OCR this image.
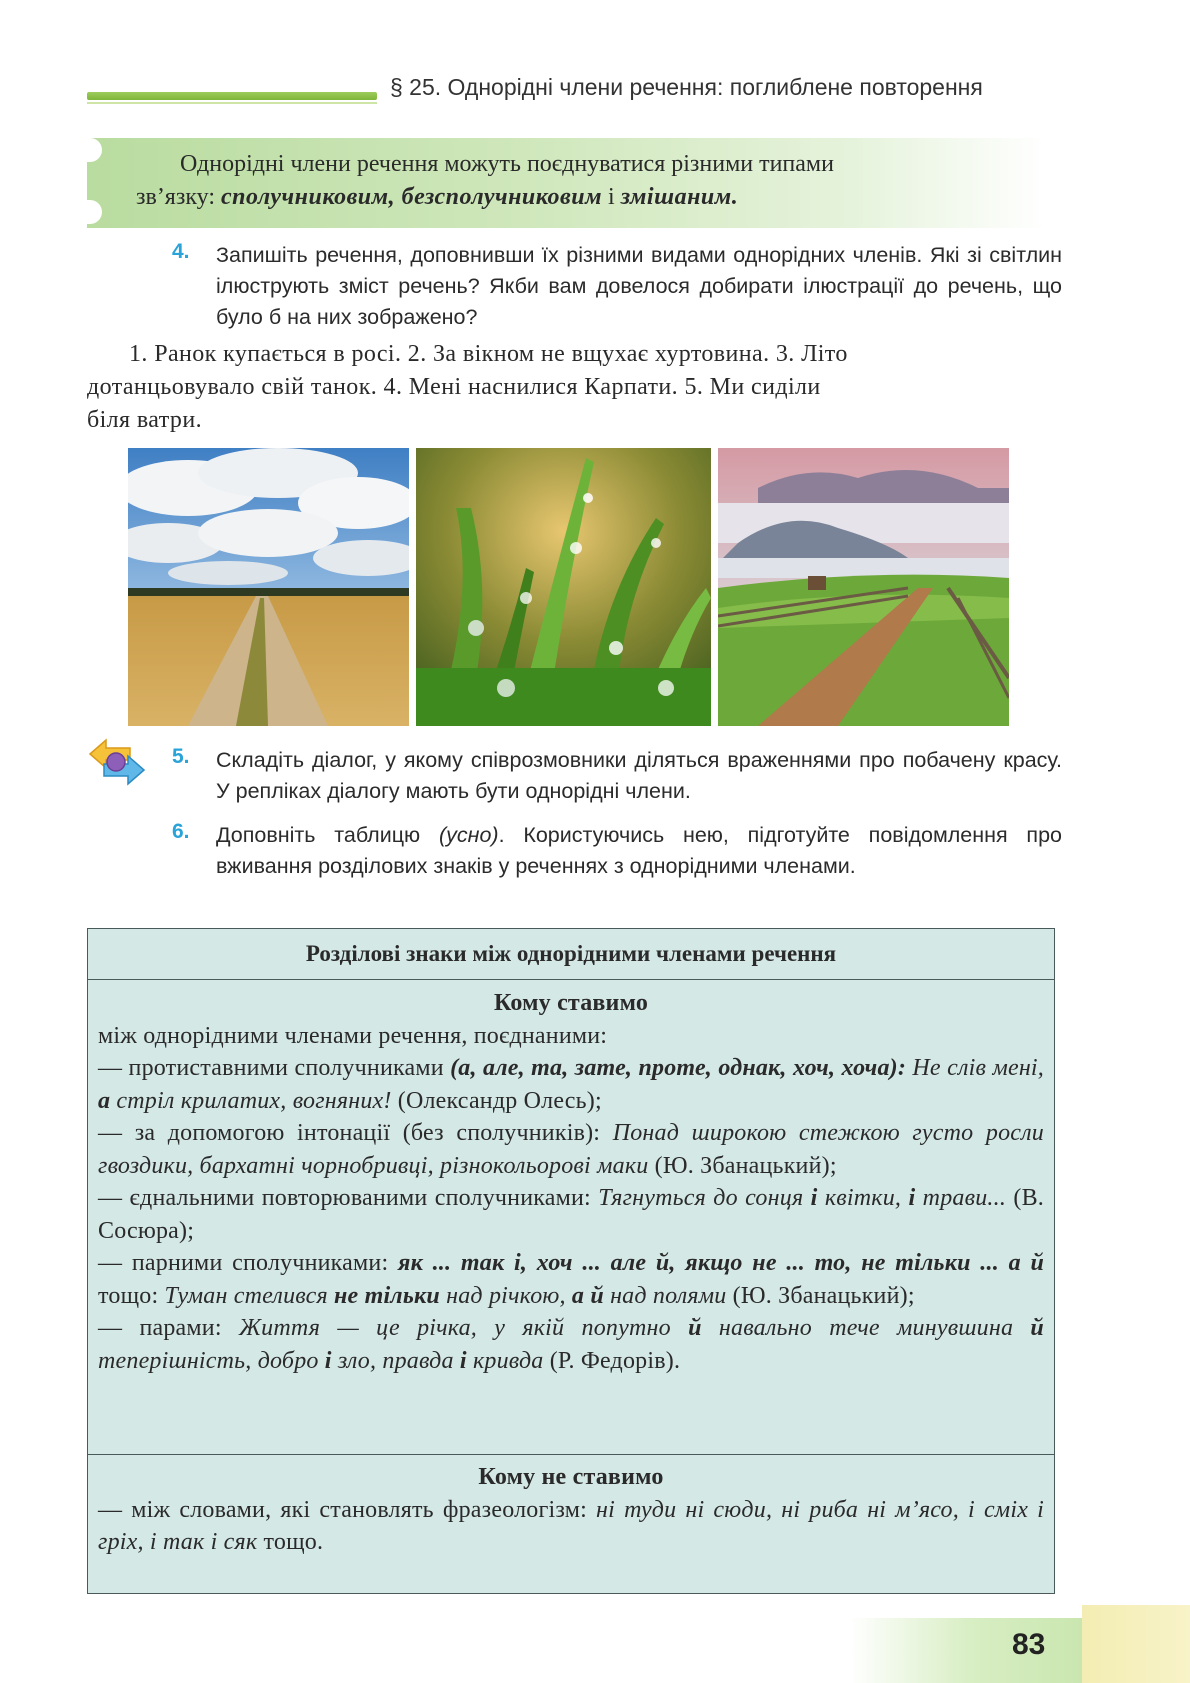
§ 25. Однорідні члени речення: поглиблене повторення
Однорідні члени речення можуть поєднуватися різними типами
зв’язку: сполучниковим, безсполучниковим і змішаним.
4.	Запишіть речення, доповнивши їх різними видами однорідних членів. Які зі світлин ілюструють зміст речень? Якби вам довелося добирати ілюстрації до речень, що було б на них зображено?
1. Ранок купається в росі. 2. За вікном не вщухає хуртовина. 3. Літо
дотанцьовувало свій танок. 4. Мені наснилися Карпати. 5. Ми сиділи
біля ватри.
5.	Складіть діалог, у якому співрозмовники діляться враженнями про побачену красу. У репліках діалогу мають бути однорідні члени.
6.	Доповніть таблицю (усно). Користуючись нею, підготуйте повідомлення про вживання розділових знаків у реченнях з однорідними членами.
Розділові знаки між однорідними членами речення
Кому ставимо
між однорідними членами речення, поєднаними:
— протиставними сполучниками (а, але, та, зате, проте, однак, хоч, хоча): Не слів мені, а стріл крилатих, вогняних! (Олександр Олесь);
— за допомогою інтонації (без сполучників): Понад широкою стежкою густо росли гвоздики, бархатні чорнобривці, різнокольорові маки (Ю. Збанацький);
— єднальними повторюваними сполучниками: Тягнуться до сонця і квітки, і трави... (В. Сосюра);
— парними сполучниками: як ... так і, хоч ... але й, якщо не ... то, не тільки ... а й тощо: Туман стелився не тільки над річкою, а й над полями (Ю. Збанацький);
— парами: Життя — це річка, у якій попутно й навально тече минувшина й теперішність, добро і зло, правда і кривда (Р. Федорів).
Кому не ставимо
— між словами, які становлять фразеологізм: ні туди ні сюди, ні риба ні м’ясо, і сміх і гріх, і так і сяк тощо.
83
